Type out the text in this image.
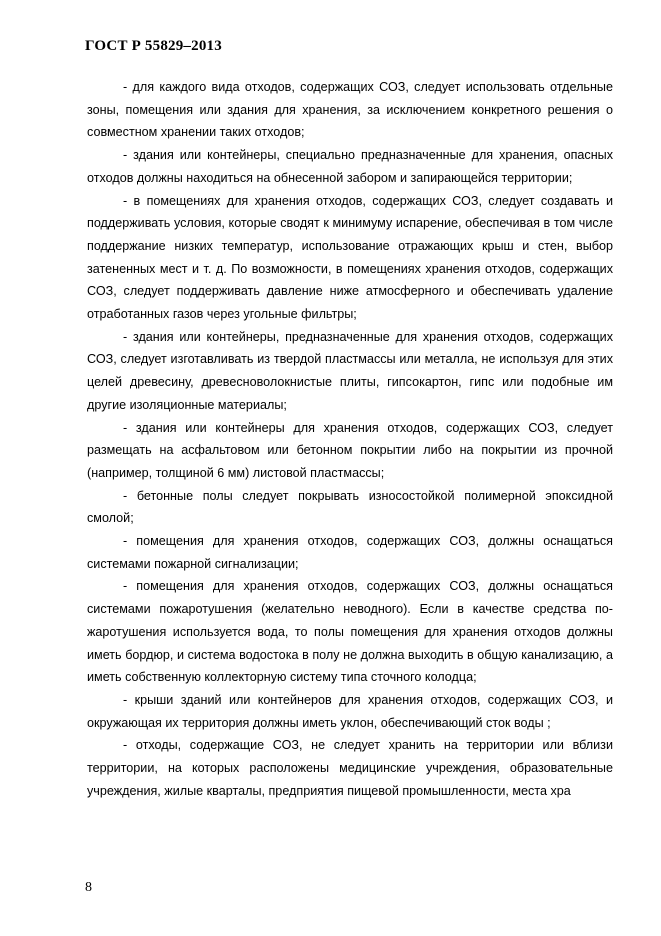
ГОСТ Р 55829–2013

- для каждого вида отходов, содержащих СОЗ, следует использовать отдельные зоны, помещения или здания для хранения, за исключением конкретного решения о совместном хранении таких отходов;

- здания или контейнеры, специально предназначенные для хранения, опасных отходов должны находиться на обнесенной забором и запирающейся территории;

- в помещениях для хранения отходов, содержащих СОЗ, следует создавать и поддерживать условия, которые сводят к минимуму испарение, обеспечивая в том числе поддержание низких температур, использование отражающих крыш и стен, выбор затененных мест и т. д. По возможности, в помещениях хранения отходов, содержащих СОЗ, следует поддерживать давление ниже атмосферного и обеспечивать удаление отработанных газов через угольные фильтры;

- здания или контейнеры, предназначенные для хранения отходов, содержащих СОЗ, следует изготавливать из твердой пластмассы или металла, не используя для этих целей древесину, древесноволокнистые плиты, гипсокартон, гипс или подобные им другие изоляционные материалы;

- здания или контейнеры для хранения отходов, содержащих СОЗ, следует размещать на асфальтовом или бетонном покрытии либо на покрытии из прочной (например, толщиной 6 мм) листовой пластмассы;

- бетонные полы следует покрывать износостойкой полимерной эпоксидной смолой;

- помещения для хранения отходов, содержащих СОЗ, должны оснащаться системами пожарной сигнализации;

- помещения для хранения отходов, содержащих СОЗ, должны оснащаться системами пожаротушения (желательно неводного). Если в качестве средства пожаротушения используется вода, то полы помещения для хранения отходов должны иметь бордюр, и система водостока в полу не должна выходить в общую канализацию, а иметь собственную коллекторную систему типа сточного колодца;

- крыши зданий или контейнеров для хранения отходов, содержащих СОЗ, и окружающая их территория должны иметь уклон, обеспечивающий сток воды ;

- отходы, содержащие СОЗ, не следует хранить на территории или вблизи территории, на которых расположены медицинские учреждения, образовательные учреждения, жилые кварталы, предприятия пищевой промышленности, места хра

8
